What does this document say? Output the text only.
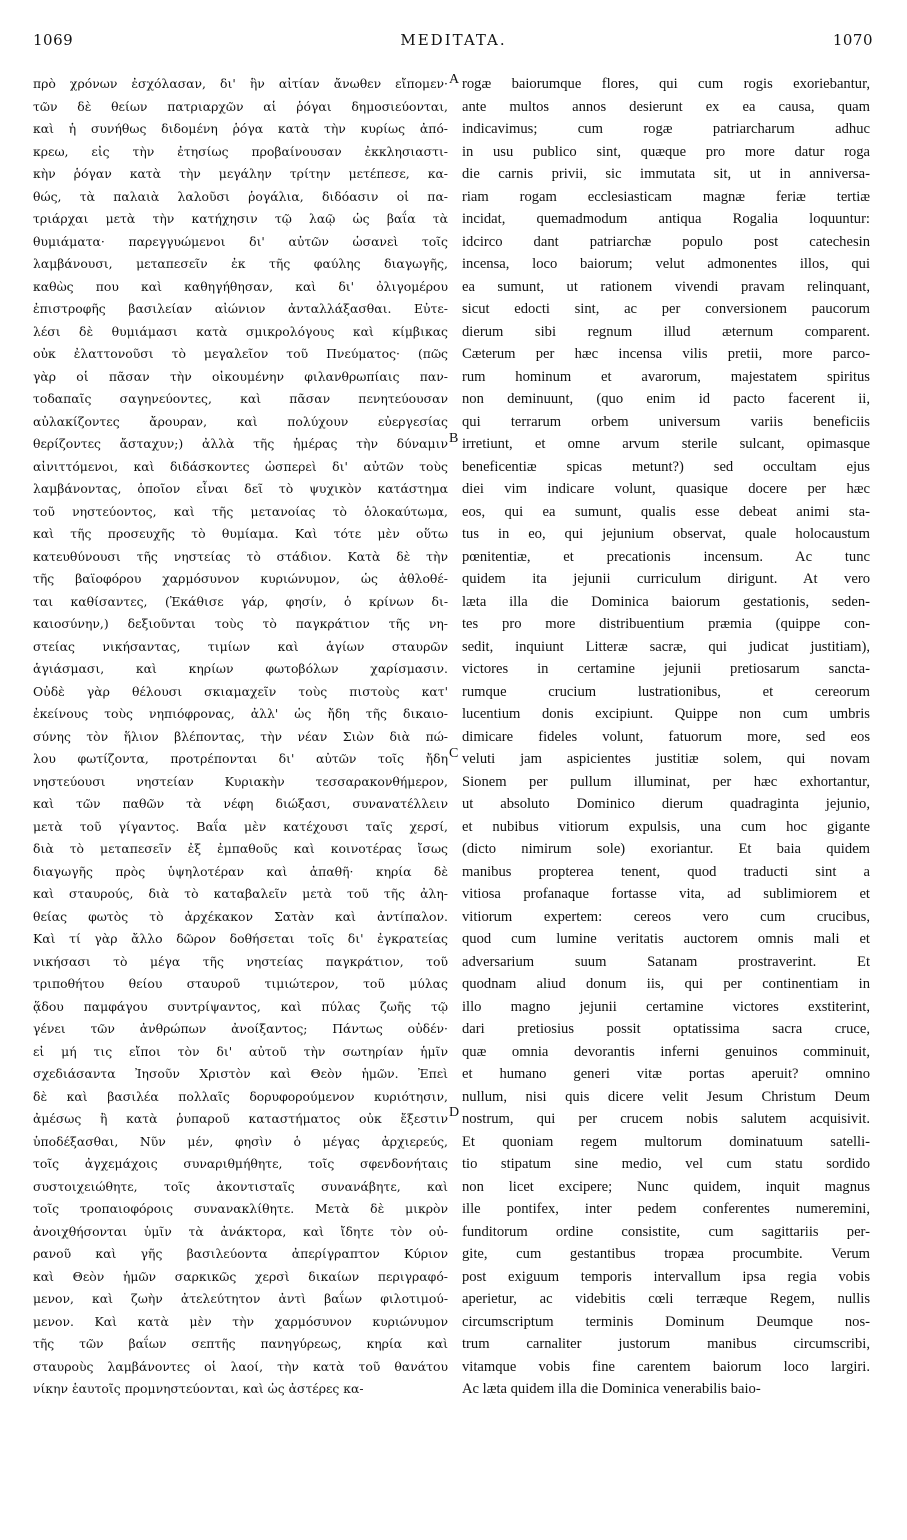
1069	MEDITATA.	1070
πρὸ χρόνων ἐσχόλασαν, δι' ἣν αἰτίαν ἄνωθεν εἴπομεν·
τῶν δὲ θείων πατριαρχῶν αἱ ῥόγαι δημοσιεύονται,
καὶ ἡ συνήθως διδομένη ῥόγα κατὰ τὴν κυρίως ἀπό-
κρεω, εἰς τὴν ἐτησίως προβαίνουσαν ἐκκλησιαστι-
κὴν ῥόγαν κατὰ τὴν μεγάλην τρίτην μετέπεσε, κα-
θώς, τὰ παλαιὰ λαλοῦσι ῥογάλια, διδόασιν οἱ πα-
τριάρχαι μετὰ τὴν κατήχησιν τῷ λαῷ ὡς βαΐα τὰ
θυμιάματα· παρεγγυώμενοι δι' αὐτῶν ὡσανεὶ τοῖς
λαμβάνουσι, μεταπεσεῖν ἐκ τῆς φαύλης διαγωγῆς,
καθὼς που καὶ καθηγήθησαν, καὶ δι' ὀλιγομέρου
ἐπιστροφῆς βασιλείαν αἰώνιον ἀνταλλάξασθαι. Εὐτε-
λέσι δὲ θυμιάμασι κατὰ σμικρολόγους καὶ κίμβικας
οὐκ ἐλαττονοῦσι τὸ μεγαλεῖον τοῦ Πνεύματος· (πῶς
γὰρ οἱ πᾶσαν τὴν οἰκουμένην φιλανθρωπίαις παν-
τοδαπαῖς σαγηνεύοντες, καὶ πᾶσαν πενητεύουσαν
αὐλακίζοντες ἄρουραν, καὶ πολύχουν εὐεργεσίας
θερίζοντες ἄσταχυν;) ἀλλὰ τῆς ἡμέρας τὴν δύναμιν
αἰνιττόμενοι, καὶ διδάσκοντες ὡσπερεὶ δι' αὐτῶν τοὺς
λαμβάνοντας, ὁποῖον εἶναι δεῖ τὸ ψυχικὸν κατάστημα
τοῦ νηστεύοντος, καὶ τῆς μετανοίας τὸ ὁλοκαύτωμα,
καὶ τῆς προσευχῆς τὸ θυμίαμα. Καὶ τότε μὲν οὕτω
κατευθύνουσι τῆς νηστείας τὸ στάδιον. Κατὰ δὲ τὴν
τῆς βαϊοφόρου χαρμόσυνον κυριώνυμον, ὡς ἀθλοθέ-
ται καθίσαντες, (Ἐκάθισε γάρ, φησίν, ὁ κρίνων δι-
καιοσύνην,) δεξιοῦνται τοὺς τὸ παγκράτιον τῆς νη-
στείας νικήσαντας, τιμίων καὶ ἁγίων σταυρῶν
ἁγιάσμασι, καὶ κηρίων φωτοβόλων χαρίσμασιν.
Οὐδὲ γὰρ θέλουσι σκιαμαχεῖν τοὺς πιστοὺς κατ'
ἐκείνους τοὺς νηπιόφρονας, ἀλλ' ὡς ἤδη τῆς δικαιο-
σύνης τὸν ἥλιον βλέποντας, τὴν νέαν Σιὼν διὰ πώ-
λου φωτίζοντα, προτρέπονται δι' αὐτῶν τοῖς ἤδη
νηστεύουσι νηστείαν Κυριακὴν τεσσαρακονθήμερον,
καὶ τῶν παθῶν τὰ νέφη διώξασι, συνανατέλλειν
μετὰ τοῦ γίγαντος. Βαΐα μὲν κατέχουσι ταῖς χερσί,
διὰ τὸ μεταπεσεῖν ἐξ ἐμπαθοῦς καὶ κοινοτέρας ἴσως
διαγωγῆς πρὸς ὑψηλοτέραν καὶ ἀπαθῆ· κηρία δὲ
καὶ σταυρούς, διὰ τὸ καταβαλεῖν μετὰ τοῦ τῆς ἀλη-
θείας φωτὸς τὸ ἀρχέκακον Σατὰν καὶ ἀντίπαλον.
Καὶ τί γὰρ ἄλλο δῶρον δοθήσεται τοῖς δι' ἐγκρατείας
νικήσασι τὸ μέγα τῆς νηστείας παγκράτιον, τοῦ
τριποθήτου θείου σταυροῦ τιμιώτερον, τοῦ μύλας
ᾅδου παμφάγου συντρίψαντος, καὶ πύλας ζωῆς τῷ
γένει τῶν ἀνθρώπων ἀνοίξαντος; Πάντως οὐδέν·
εἰ μή τις εἴποι τὸν δι' αὐτοῦ τὴν σωτηρίαν ἡμῖν
σχεδιάσαντα Ἰησοῦν Χριστὸν καὶ Θεὸν ἡμῶν. Ἐπεὶ
δὲ καὶ βασιλέα πολλαῖς δορυφορούμενον κυριότησιν,
ἀμέσως ἢ κατὰ ῥυπαροῦ καταστήματος οὐκ ἔξεστιν
ὑποδέξασθαι, Νῦν μέν, φησὶν ὁ μέγας ἀρχιερεύς,
τοῖς ἀγχεμάχοις συναριθμήθητε, τοῖς σφενδονήταις
συστοιχειώθητε, τοῖς ἀκοντισταῖς συνανάβητε, καὶ
τοῖς τροπαιοφόροις συνανακλίθητε. Μετὰ δὲ μικρὸν
ἀνοιχθήσονται ὑμῖν τὰ ἀνάκτορα, καὶ ἴδητε τὸν οὐ-
ρανοῦ καὶ γῆς βασιλεύοντα ἀπερίγραπτον Κύριον
καὶ Θεὸν ἡμῶν σαρκικῶς χερσὶ δικαίων περιγραφό-
μενον, καὶ ζωὴν ἀτελεύτητον ἀντὶ βαΐων φιλοτιμού-
μενον. Καὶ κατὰ μὲν τὴν χαρμόσυνον κυριώνυμον
τῆς τῶν βαΐων σεπτῆς πανηγύρεως, κηρία καὶ
σταυροὺς λαμβάνοντες οἱ λαοί, τὴν κατὰ τοῦ θανάτου
νίκην ἑαυτοῖς προμνηστεύονται, καὶ ὡς ἀστέρες κα-
rogæ baiorumque flores, qui cum rogis exoriebantur,
ante multos annos desierunt ex ea causa, quam
indicavimus; cum rogæ patriarcharum adhuc
in usu publico sint, quæque pro more datur roga
die carnis privii, sic immutata sit, ut in anniversa-
riam rogam ecclesiasticam magnæ feriæ tertiæ
incidat, quemadmodum antiqua Rogalia loquuntur:
idcirco dant patriarchæ populo post catechesin
incensa, loco baiorum; velut admonentes illos, qui
ea sumunt, ut rationem vivendi pravam relinquant,
sicut edocti sint, ac per conversionem paucorum
dierum sibi regnum illud æternum comparent.
Cæterum per hæc incensa vilis pretii, more parco-
rum hominum et avarorum, majestatem spiritus
non deminuunt, (quo enim id pacto facerent ii,
qui terrarum orbem universum variis beneficiis
irretiunt, et omne arvum sterile sulcant, opimasque
beneficentiæ spicas metunt?) sed occultam ejus
diei vim indicare volunt, quasique docere per hæc
eos, qui ea sumunt, qualis esse debeat animi sta-
tus in eo, qui jejunium observat, quale holocaustum
pœnitentiæ, et precationis incensum. Ac tunc
quidem ita jejunii curriculum dirigunt. At vero
læta illa die Dominica baiorum gestationis, seden-
tes pro more distribuentium præmia (quippe con-
sedit, inquiunt Litteræ sacræ, qui judicat justitiam),
victores in certamine jejunii pretiosarum sancta-
rumque crucium lustrationibus, et cereorum
lucentium donis excipiunt. Quippe non cum umbris
dimicare fideles volunt, fatuorum more, sed eos
veluti jam aspicientes justitiæ solem, qui novam
Sionem per pullum illuminat, per hæc exhortantur,
ut absoluto Dominico dierum quadraginta jejunio,
et nubibus vitiorum expulsis, una cum hoc gigante
(dicto nimirum sole) exoriantur. Et baia quidem
manibus propterea tenent, quod traducti sint a
vitiosa profanaque fortasse vita, ad sublimiorem et
vitiorum expertem: cereos vero cum crucibus,
quod cum lumine veritatis auctorem omnis mali et
adversarium suum Satanam prostraverint. Et
quodnam aliud donum iis, qui per continentiam in
illo magno jejunii certamine victores exstiterint,
dari pretiosius possit optatissima sacra cruce,
quæ omnia devorantis inferni genuinos comminuit,
et humano generi vitæ portas aperuit? omnino
nullum, nisi quis dicere velit Jesum Christum Deum
nostrum, qui per crucem nobis salutem acquisivit.
Et quoniam regem multorum dominatuum satelli-
tio stipatum sine medio, vel cum statu sordido
non licet excipere; Nunc quidem, inquit magnus
ille pontifex, inter pedem conferentes numeremini,
funditorum ordine consistite, cum sagittariis per-
gite, cum gestantibus tropæa procumbite. Verum
post exiguum temporis intervallum ipsa regia vobis
aperietur, ac videbitis cœli terræque Regem, nullis
circumscriptum terminis Dominum Deumque nos-
trum carnaliter justorum manibus circumscribi,
vitamque vobis fine carentem baiorum loco largiri.
Ac læta quidem illa die Dominica venerabilis baio-
A
B
C
D
